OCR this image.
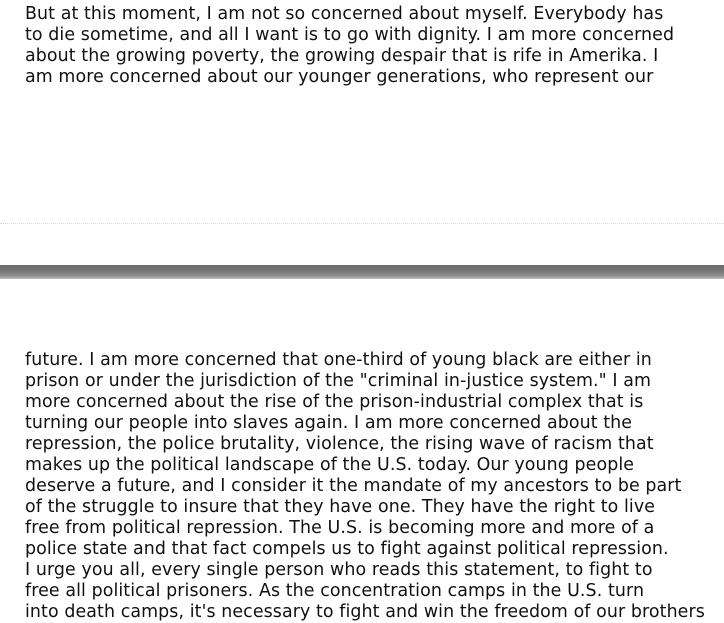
But at this moment, I am not so concerned about myself. Everybody has
to die sometime, and all I want is to go with dignity. I am more concerned
about the growing poverty, the growing despair that is rife in Amerika. I
am more concerned about our younger generations, who represent our
future. I am more concerned that one-third of young black are either in
prison or under the jurisdiction of the "criminal in-justice system." I am
more concerned about the rise of the prison-industrial complex that is
turning our people into slaves again. I am more concerned about the
repression, the police brutality, violence, the rising wave of racism that
makes up the political landscape of the U.S. today. Our young people
deserve a future, and I consider it the mandate of my ancestors to be part
of the struggle to insure that they have one. They have the right to live
free from political repression. The U.S. is becoming more and more of a
police state and that fact compels us to fight against political repression.
I urge you all, every single person who reads this statement, to fight to
free all political prisoners. As the concentration camps in the U.S. turn
into death camps, it's necessary to fight and win the freedom of our brothers
